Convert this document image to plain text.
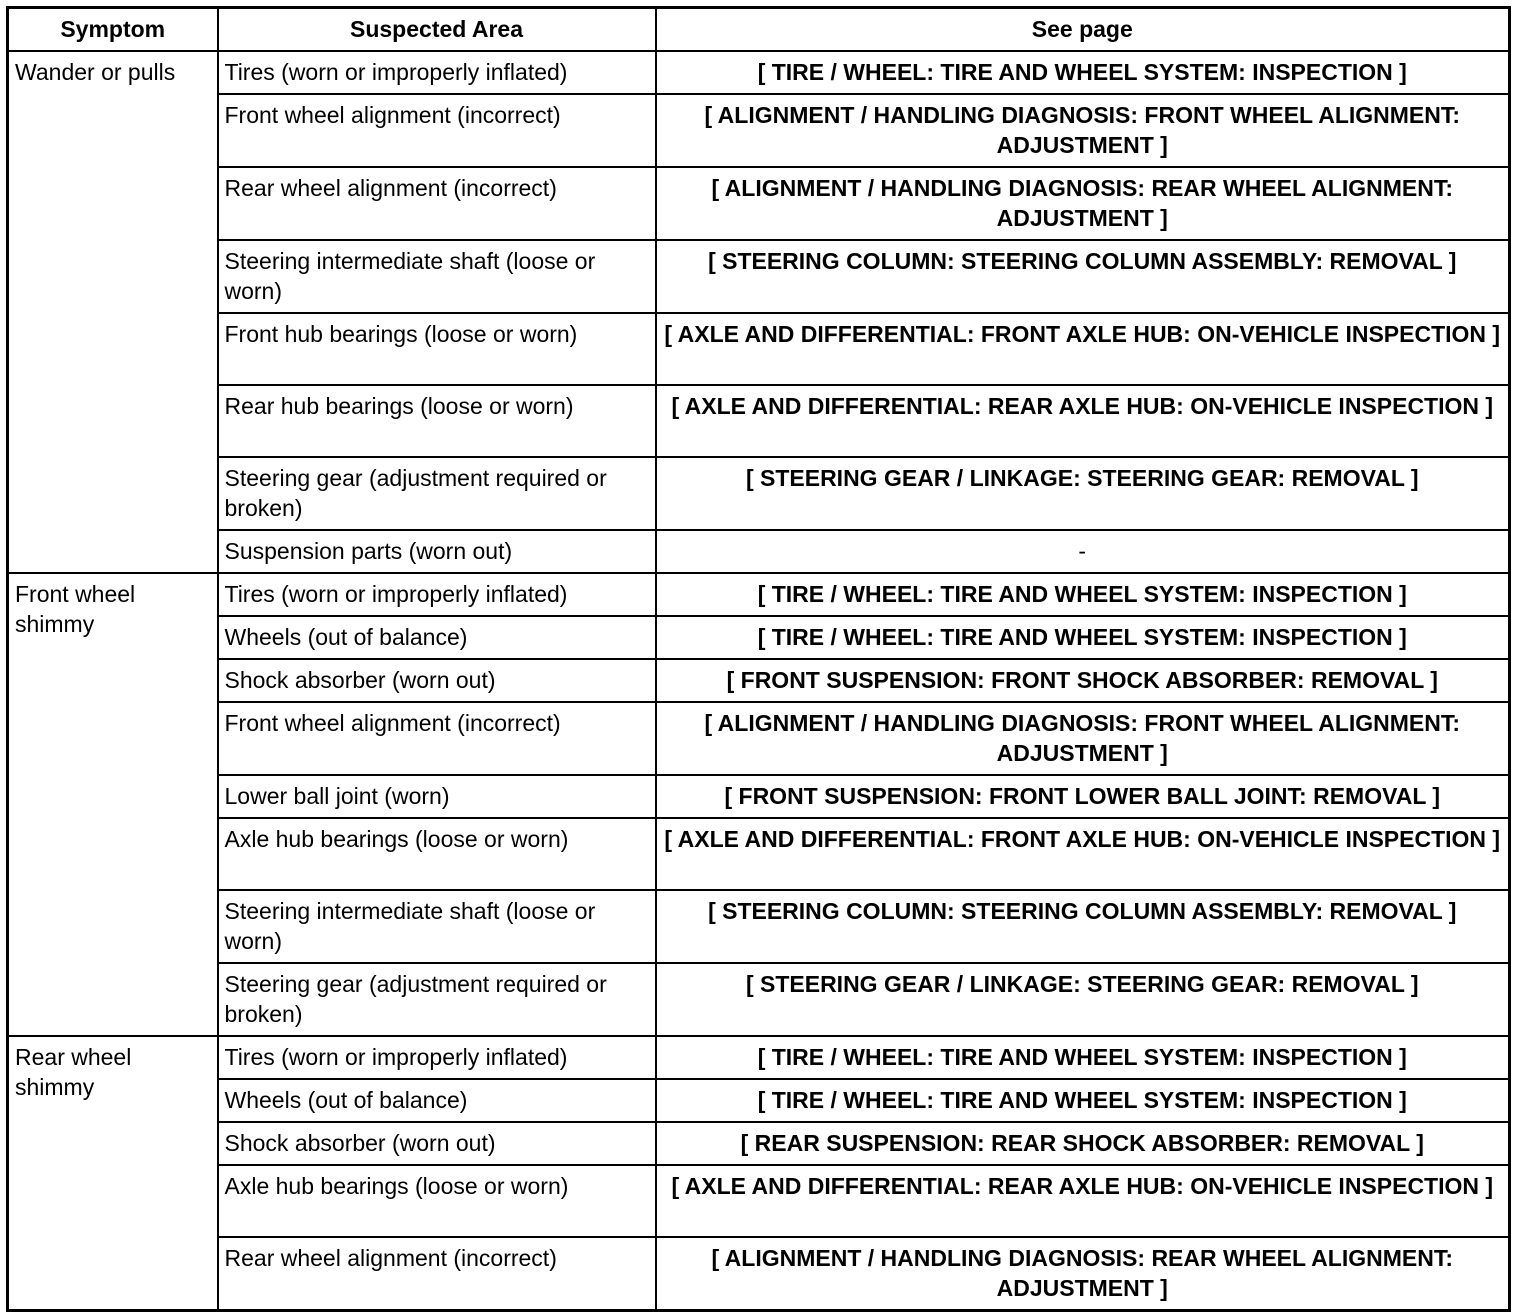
Symptom	Suspected Area	See page
Wander or pulls	Tires (worn or improperly inflated)	[ TIRE / WHEEL: TIRE AND WHEEL SYSTEM: INSPECTION ]
	Front wheel alignment (incorrect)	[ ALIGNMENT / HANDLING DIAGNOSIS: FRONT WHEEL ALIGNMENT: ADJUSTMENT ]
	Rear wheel alignment (incorrect)	[ ALIGNMENT / HANDLING DIAGNOSIS: REAR WHEEL ALIGNMENT: ADJUSTMENT ]
	Steering intermediate shaft (loose or worn)	[ STEERING COLUMN: STEERING COLUMN ASSEMBLY: REMOVAL ]
	Front hub bearings (loose or worn)	[ AXLE AND DIFFERENTIAL: FRONT AXLE HUB: ON-VEHICLE INSPECTION ]
	Rear hub bearings (loose or worn)	[ AXLE AND DIFFERENTIAL: REAR AXLE HUB: ON-VEHICLE INSPECTION ]
	Steering gear (adjustment required or broken)	[ STEERING GEAR / LINKAGE: STEERING GEAR: REMOVAL ]
	Suspension parts (worn out)	-
Front wheel shimmy	Tires (worn or improperly inflated)	[ TIRE / WHEEL: TIRE AND WHEEL SYSTEM: INSPECTION ]
	Wheels (out of balance)	[ TIRE / WHEEL: TIRE AND WHEEL SYSTEM: INSPECTION ]
	Shock absorber (worn out)	[ FRONT SUSPENSION: FRONT SHOCK ABSORBER: REMOVAL ]
	Front wheel alignment (incorrect)	[ ALIGNMENT / HANDLING DIAGNOSIS: FRONT WHEEL ALIGNMENT: ADJUSTMENT ]
	Lower ball joint (worn)	[ FRONT SUSPENSION: FRONT LOWER BALL JOINT: REMOVAL ]
	Axle hub bearings (loose or worn)	[ AXLE AND DIFFERENTIAL: FRONT AXLE HUB: ON-VEHICLE INSPECTION ]
	Steering intermediate shaft (loose or worn)	[ STEERING COLUMN: STEERING COLUMN ASSEMBLY: REMOVAL ]
	Steering gear (adjustment required or broken)	[ STEERING GEAR / LINKAGE: STEERING GEAR: REMOVAL ]
Rear wheel shimmy	Tires (worn or improperly inflated)	[ TIRE / WHEEL: TIRE AND WHEEL SYSTEM: INSPECTION ]
	Wheels (out of balance)	[ TIRE / WHEEL: TIRE AND WHEEL SYSTEM: INSPECTION ]
	Shock absorber (worn out)	[ REAR SUSPENSION: REAR SHOCK ABSORBER: REMOVAL ]
	Axle hub bearings (loose or worn)	[ AXLE AND DIFFERENTIAL: REAR AXLE HUB: ON-VEHICLE INSPECTION ]
	Rear wheel alignment (incorrect)	[ ALIGNMENT / HANDLING DIAGNOSIS: REAR WHEEL ALIGNMENT: ADJUSTMENT ]
